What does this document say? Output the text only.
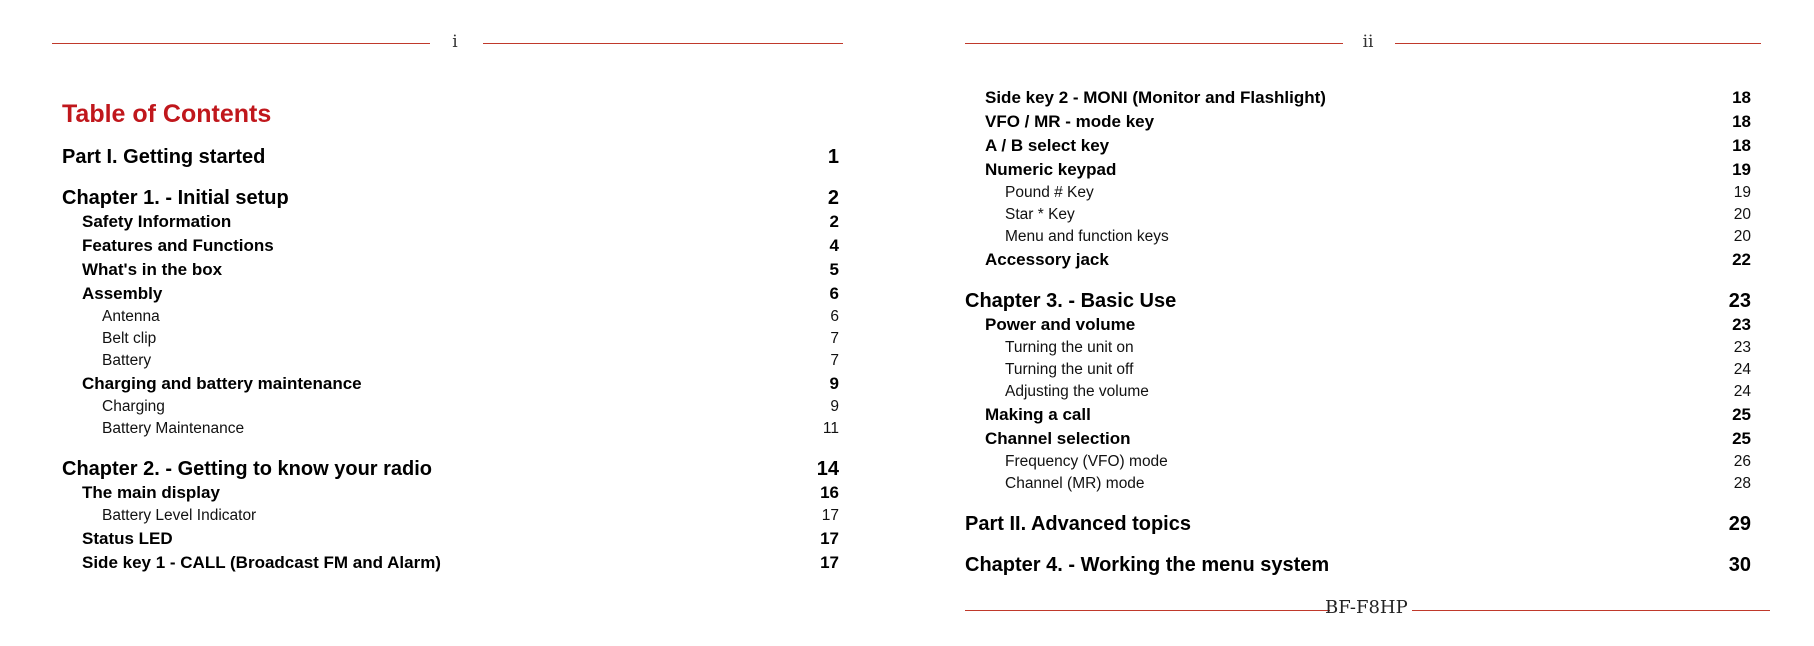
i
Table of Contents
Part I. Getting started	1
Chapter 1. - Initial setup	2
Safety Information	2
Features and Functions	4
What's in the box	5
Assembly	6
Antenna	6
Belt clip	7
Battery	7
Charging and battery maintenance	9
Charging	9
Battery Maintenance	11
Chapter 2. - Getting to know your radio	14
The main display	16
Battery Level Indicator	17
Status LED	17
Side key 1 - CALL (Broadcast FM and Alarm)	17
ii
Side key 2 - MONI (Monitor and Flashlight)	18
VFO / MR - mode key	18
A / B select key	18
Numeric keypad	19
Pound # Key	19
Star * Key	20
Menu and function keys	20
Accessory jack	22
Chapter 3. - Basic Use	23
Power and volume	23
Turning the unit on	23
Turning the unit off	24
Adjusting the volume	24
Making a call	25
Channel selection	25
Frequency (VFO) mode	26
Channel (MR) mode	28
Part II. Advanced topics	29
Chapter 4. - Working the menu system	30
BF-F8HP
